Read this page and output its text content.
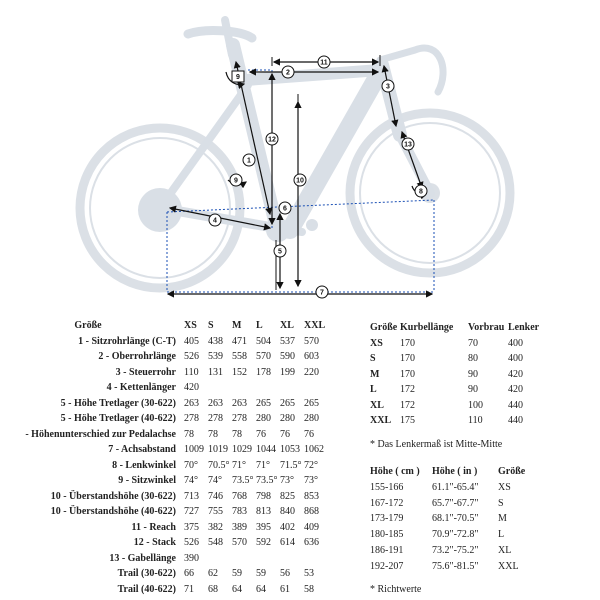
1
2
3
4
5
6
7
8
9
9	10
11
12
13
Größe	XS	S	M	L	XL	XXL
1 - Sitzrohrlänge (C-T)	405	438	471	504	537	570
2 - Oberrohrlänge	526	539	558	570	590	603
3 - Steuerrohr	110	131	152	178	199	220
4 - Kettenlänger	420					
5 - Höhe Tretlager (30-622)	263	263	263	265	265	265
5 - Höhe Tretlager (40-622)	278	278	278	280	280	280
- Höhenunterschied zur Pedalachse	78	78	78	76	76	76
7 - Achsabstand	1009	1019	1029	1044	1053	1062
8 - Lenkwinkel	70°	70.5°	71°	71°	71.5°	72°
9 - Sitzwinkel	74°	74°	73.5°	73.5°	73°	73°
10 - Überstandshöhe (30-622)	713	746	768	798	825	853
10 - Überstandshöhe (40-622)	727	755	783	813	840	868
11 - Reach	375	382	389	395	402	409
12 - Stack	526	548	570	592	614	636
13 - Gabellänge	390					
Trail (30-622)	66	62	59	59	56	53
Trail (40-622)	71	68	64	64	61	58
Größe	Kurbellänge	Vorbrau	Lenker
XS	170	70	400
S	170	80	400
M	170	90	420
L	172	90	420
XL	172	100	440
XXL	175	110	440
* Das Lenkermaß ist Mitte-Mitte
Höhe ( cm )	Höhe ( in )	Größe
155-166	61.1"-65.4"	XS
167-172	65.7"-67.7"	S
173-179	68.1"-70.5"	M
180-185	70.9"-72.8"	L
186-191	73.2"-75.2"	XL
192-207	75.6"-81.5"	XXL
* Richtwerte
